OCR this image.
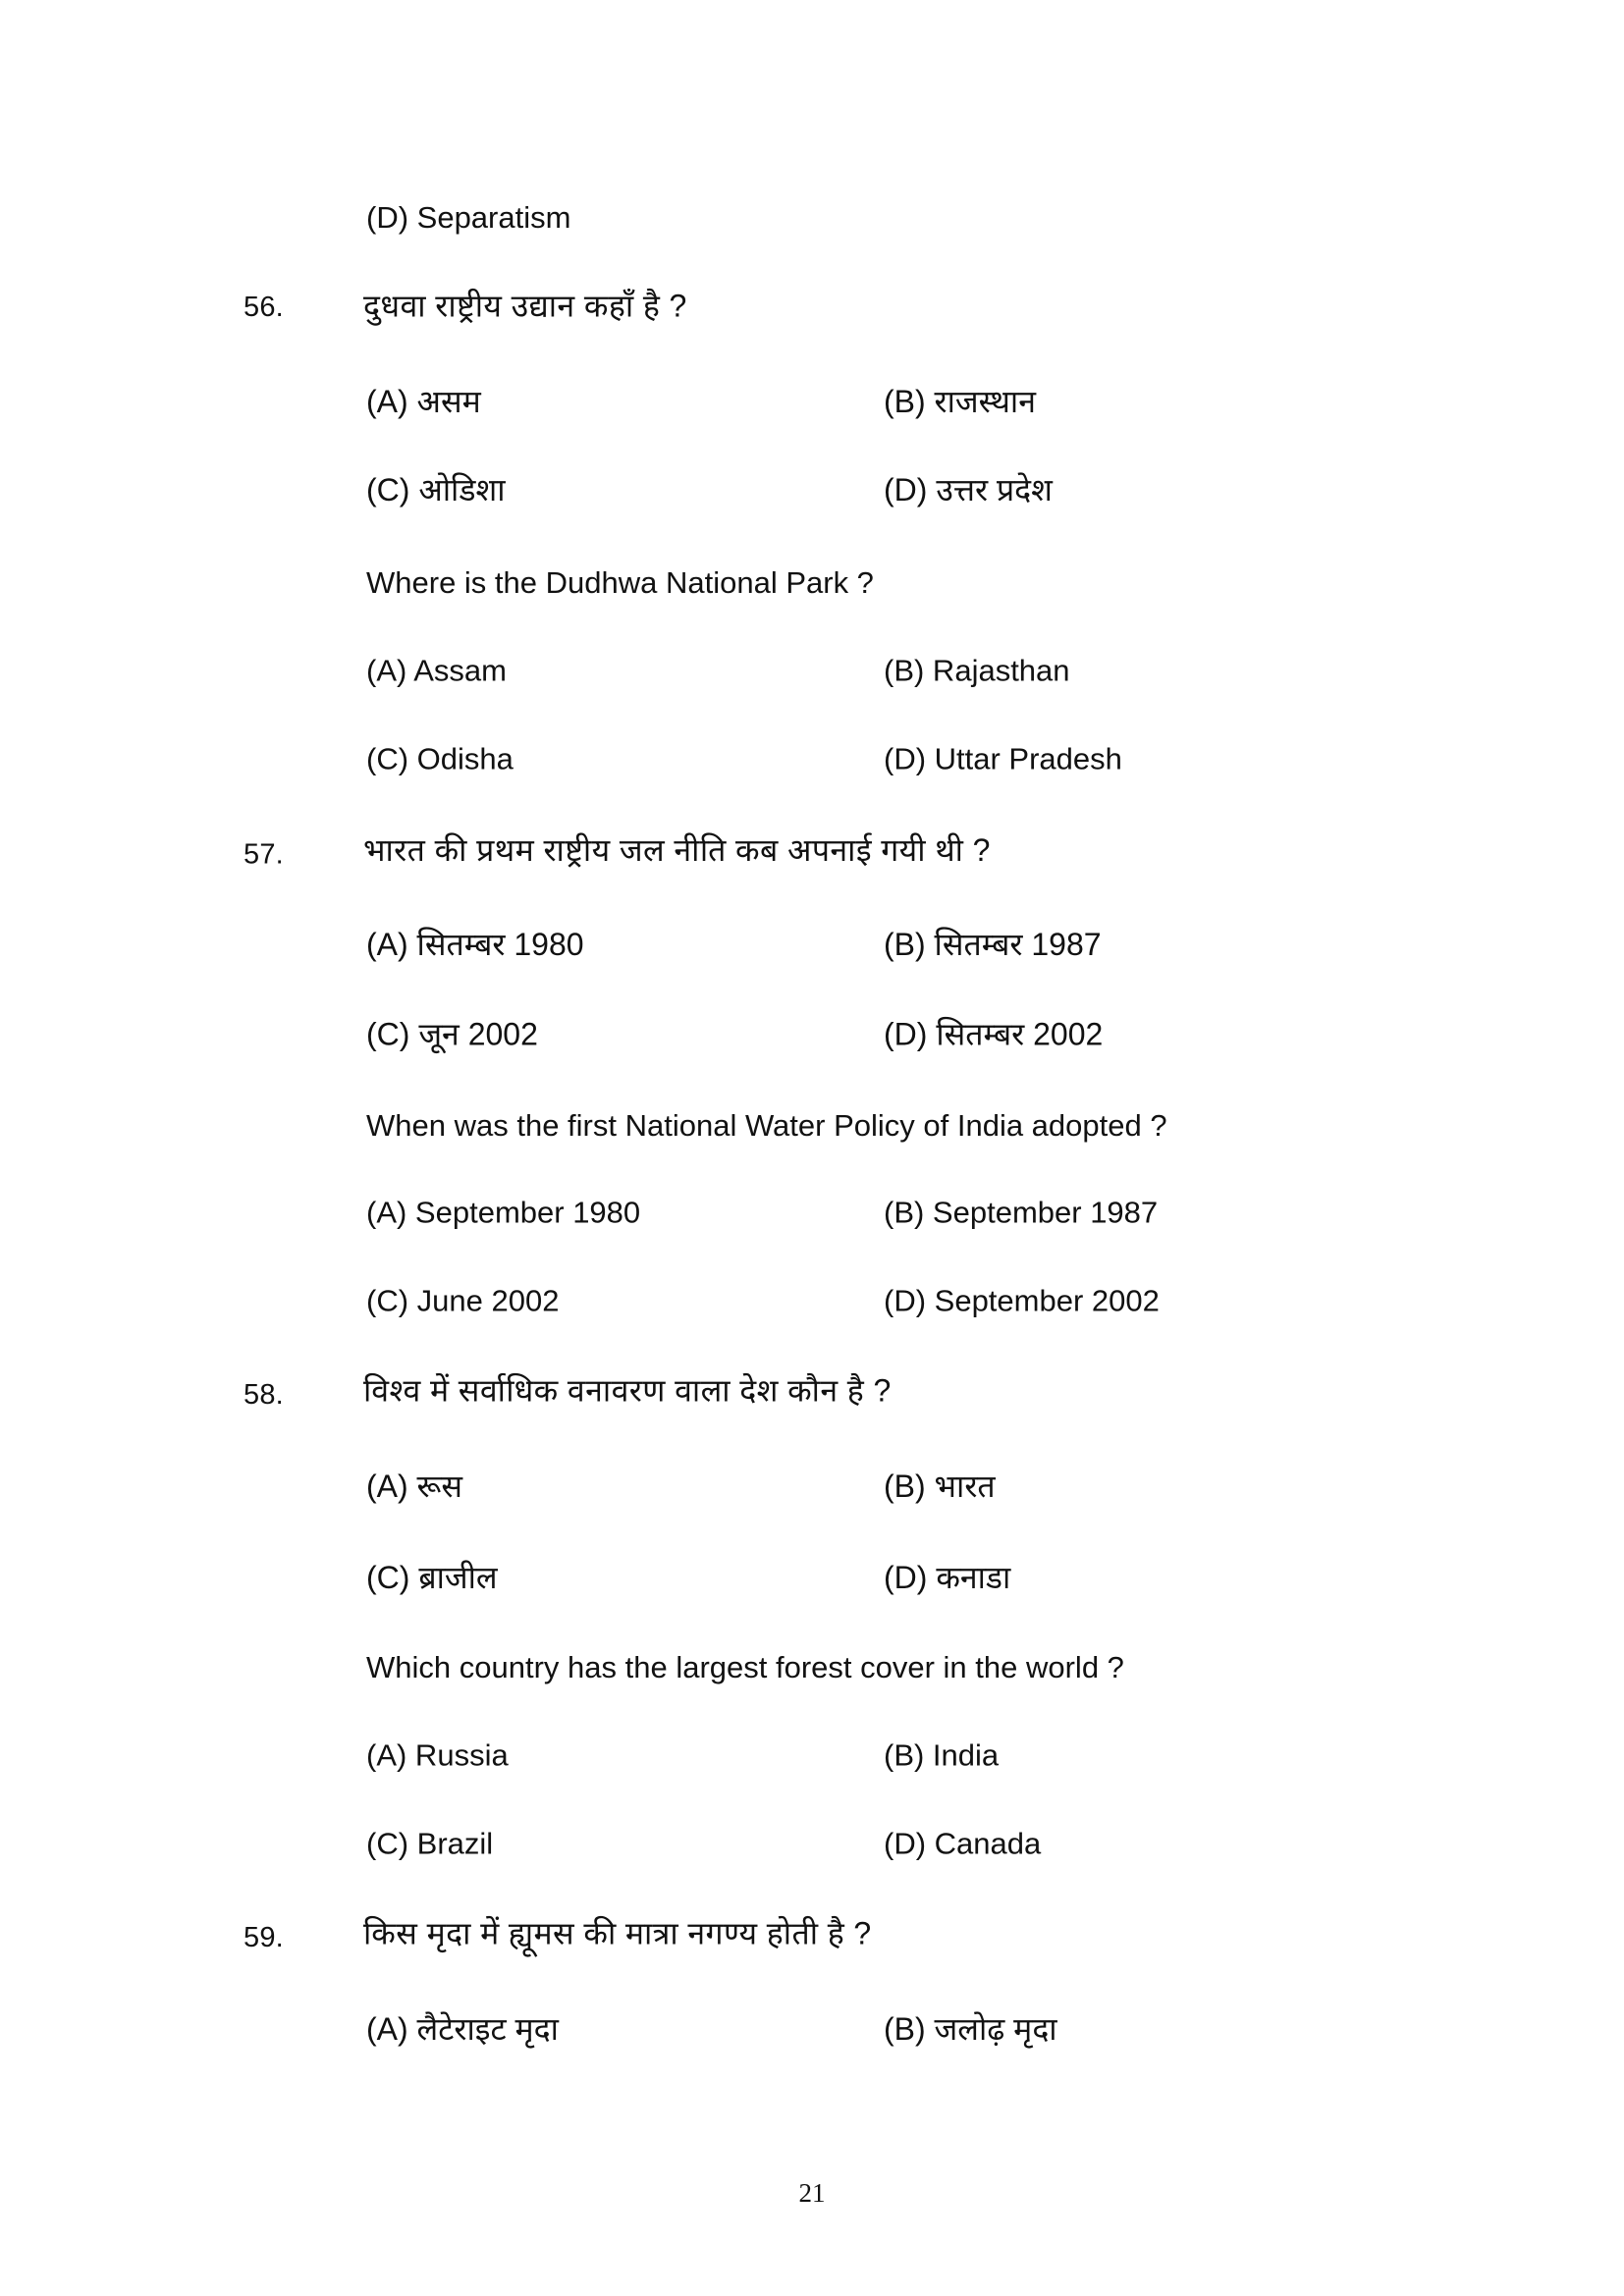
(D) Separatism
56.	दुधवा राष्ट्रीय उद्यान कहाँ है ?
(A) असम	(B) राजस्थान
(C) ओडिशा	(D) उत्तर प्रदेश
Where is the Dudhwa National Park ?
(A) Assam	(B) Rajasthan
(C) Odisha	(D) Uttar Pradesh
57.	भारत की प्रथम राष्ट्रीय जल नीति कब अपनाई गयी थी ?
(A) सितम्बर 1980	(B) सितम्बर 1987
(C) जून 2002	(D) सितम्बर 2002
When was the first National Water Policy of India adopted ?
(A) September 1980	(B) September 1987
(C) June 2002	(D) September 2002
58.	विश्व में सर्वाधिक वनावरण वाला देश कौन है ?
(A) रूस	(B) भारत
(C) ब्राजील	(D) कनाडा
Which country has the largest forest cover in the world ?
(A) Russia	(B) India
(C) Brazil	(D) Canada
59.	किस मृदा में ह्यूमस की मात्रा नगण्य होती है ?
(A) लैटेराइट मृदा	(B) जलोढ़ मृदा
21
